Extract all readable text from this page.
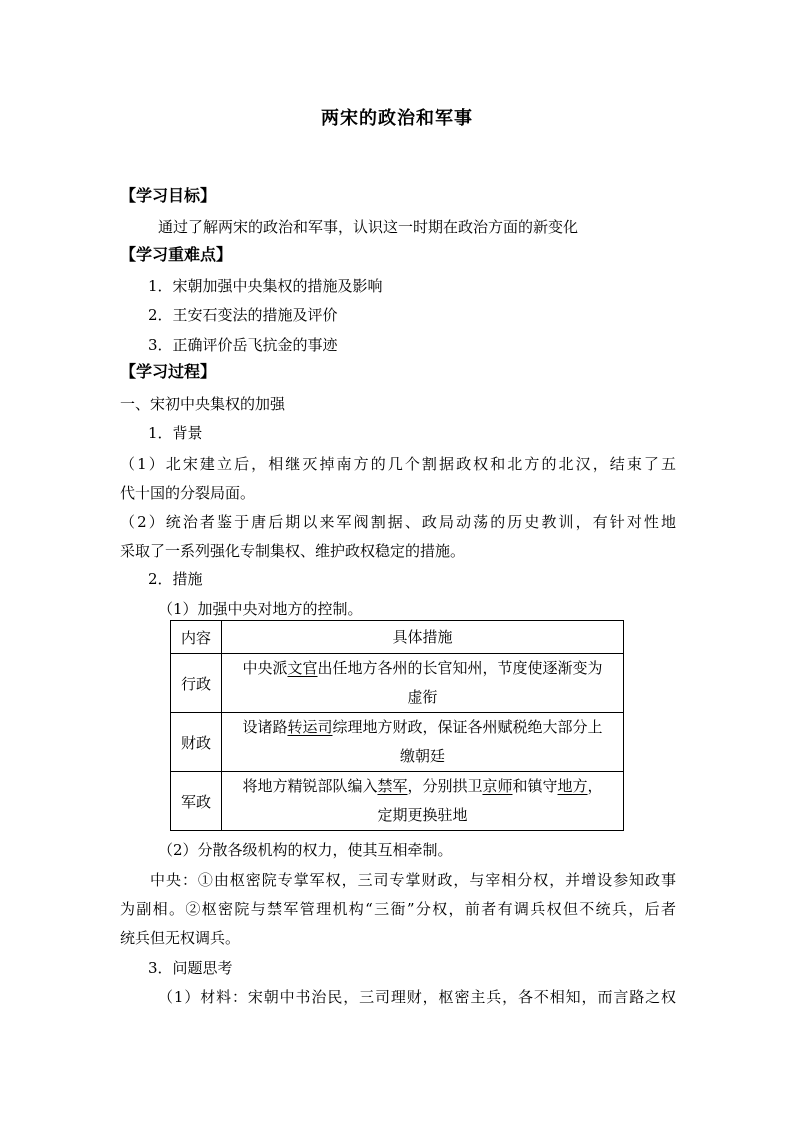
两宋的政治和军事
【学习目标】
通过了解两宋的政治和军事，认识这一时期在政治方面的新变化
【学习重难点】
1．宋朝加强中央集权的措施及影响
2．王安石变法的措施及评价
3．正确评价岳飞抗金的事迹
【学习过程】
一、宋初中央集权的加强
1．背景
（1）北宋建立后，相继灭掉南方的几个割据政权和北方的北汉，结束了五
代十国的分裂局面。
（2）统治者鉴于唐后期以来军阀割据、政局动荡的历史教训，有针对性地
采取了一系列强化专制集权、维护政权稳定的措施。
2．措施
（1）加强中央对地方的控制。
内容	具体措施
行政	中央派文官出任地方各州的长官知州，节度使逐渐变为
虚衔
财政	设诸路转运司综理地方财政，保证各州赋税绝大部分上
缴朝廷
军政	将地方精锐部队编入禁军，分别拱卫京师和镇守地方，
定期更换驻地
（2）分散各级机构的权力，使其互相牵制。
中央：①由枢密院专掌军权，三司专掌财政，与宰相分权，并增设参知政事
为副相。②枢密院与禁军管理机构“三衙”分权，前者有调兵权但不统兵，后者
统兵但无权调兵。
3．问题思考
（1）材料：宋朝中书治民，三司理财，枢密主兵，各不相知，而言路之权
